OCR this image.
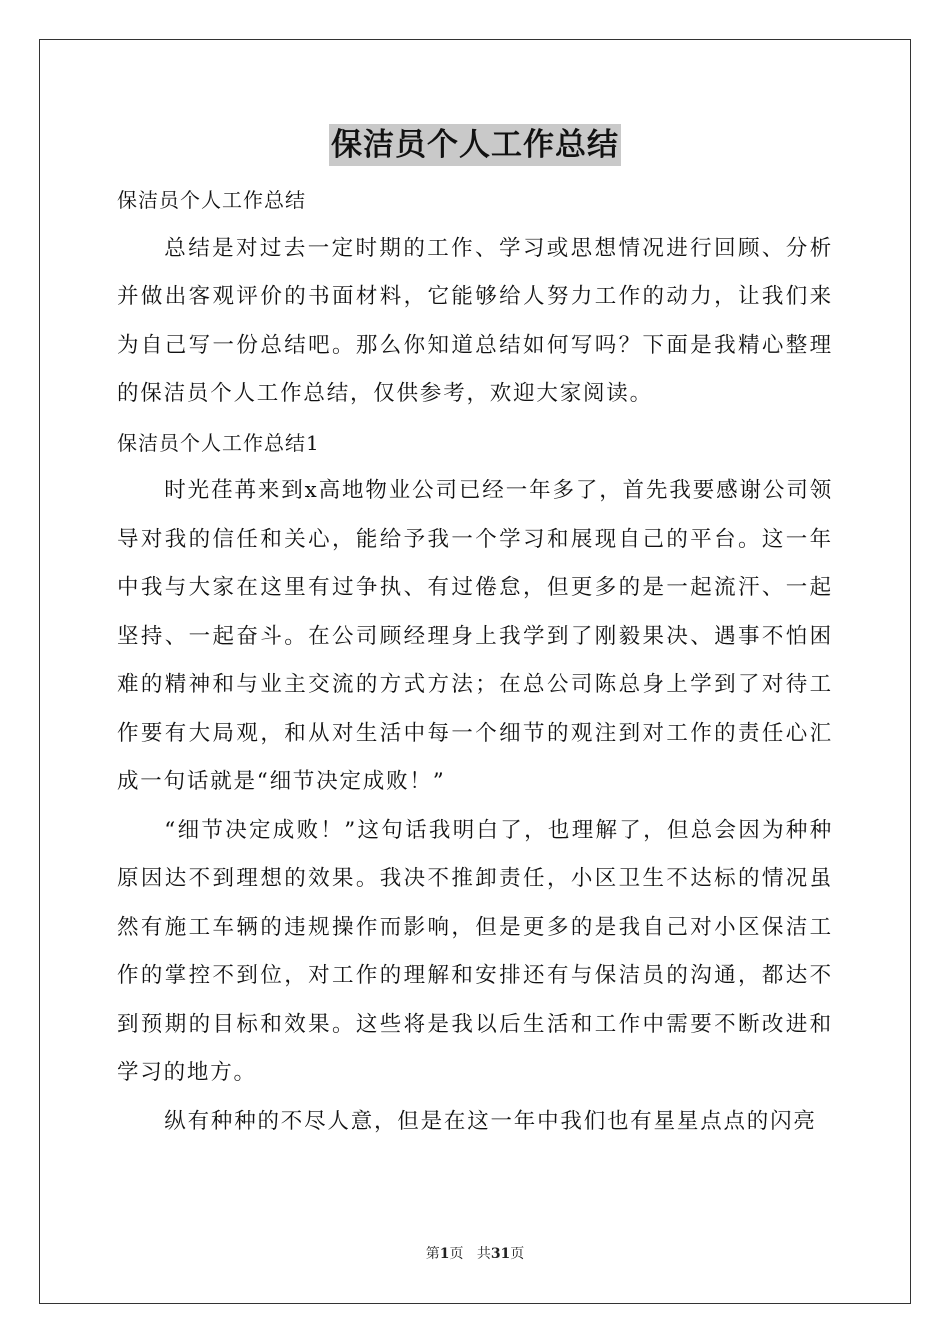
保洁员个人工作总结

保洁员个人工作总结

总结是对过去一定时期的工作、学习或思想情况进行回顾、分析并做出客观评价的书面材料，它能够给人努力工作的动力，让我们来为自己写一份总结吧。那么你知道总结如何写吗？下面是我精心整理的保洁员个人工作总结，仅供参考，欢迎大家阅读。

保洁员个人工作总结1

时光荏苒来到x高地物业公司已经一年多了，首先我要感谢公司领导对我的信任和关心，能给予我一个学习和展现自己的平台。这一年中我与大家在这里有过争执、有过倦怠，但更多的是一起流汗、一起坚持、一起奋斗。在公司顾经理身上我学到了刚毅果决、遇事不怕困难的精神和与业主交流的方式方法；在总公司陈总身上学到了对待工作要有大局观，和从对生活中每一个细节的观注到对工作的责任心汇成一句话就是“细节决定成败！”

“细节决定成败！”这句话我明白了，也理解了，但总会因为种种原因达不到理想的效果。我决不推卸责任，小区卫生不达标的情况虽然有施工车辆的违规操作而影响，但是更多的是我自己对小区保洁工作的掌控不到位，对工作的理解和安排还有与保洁员的沟通，都达不到预期的目标和效果。这些将是我以后生活和工作中需要不断改进和学习的地方。

纵有种种的不尽人意，但是在这一年中我们也有星星点点的闪亮

第1页 共31页
